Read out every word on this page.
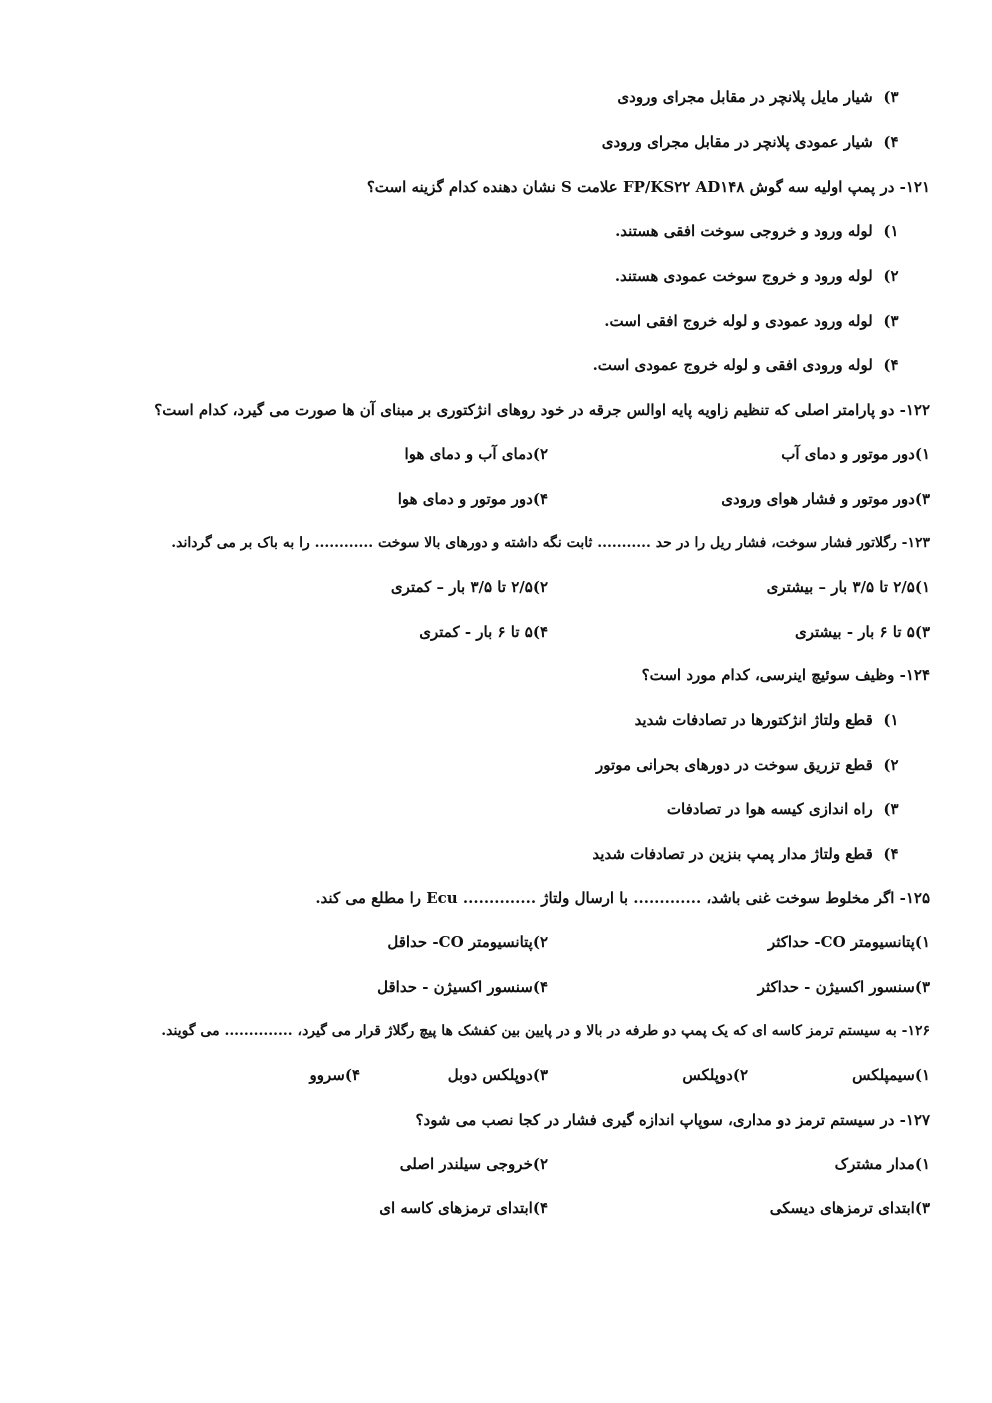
۳) شیار مایل پلانچر در مقابل مجرای ورودی
۴) شیار عمودی پلانچر در مقابل مجرای ورودی
۱۲۱- در پمپ اولیه سه گوش FP/KS۲۲ AD۱۴۸ علامت S نشان دهنده کدام گزینه است؟
۱) لوله ورود و خروجی سوخت افقی هستند.
۲) لوله ورود و خروج سوخت عمودی هستند.
۳) لوله ورود عمودی و لوله خروج افقی است.
۴) لوله ورودی افقی و لوله خروج عمودی است.
۱۲۲- دو پارامتر اصلی که تنظیم زاویه پایه اوالس جرقه در خود روهای انژکتوری بر مبنای آن ها صورت می گیرد، کدام است؟
۱)دور موتور و دمای آب
۲)دمای آب و دمای هوا
۳)دور موتور و فشار هوای ورودی
۴)دور موتور و دمای هوا
۱۲۳- رگلاتور فشار سوخت، فشار ریل را در حد ........... ثابت نگه داشته و دورهای بالا سوخت ............ را به باک بر می گرداند.
۱)۲/۵ تا ۳/۵ بار – بیشتری
۲)۲/۵ تا ۳/۵ بار – کمتری
۳)۵ تا ۶ بار - بیشتری
۴)۵ تا ۶ بار - کمتری
۱۲۴- وظیف سوئیچ اینرسی، کدام مورد است؟
۱) قطع ولتاژ انژکتورها در تصادفات شدید
۲) قطع تزریق سوخت در دورهای بحرانی موتور
۳) راه اندازی کیسه هوا در تصادفات
۴) قطع ولتاژ مدار پمپ بنزین در تصادفات شدید
۱۲۵- اگر مخلوط سوخت غنی باشد، ............. با ارسال ولتاژ .............. Ecu را مطلع می کند.
۱)پتانسیومتر CO- حداکثر
۲)پتانسیومتر CO- حداقل
۳)سنسور اکسیژن - حداکثر
۴)سنسور اکسیژن - حداقل
۱۲۶- به سیستم ترمز کاسه ای که یک پمپ دو طرفه در بالا و در پایین بین کفشک ها پیچ رگلاژ قرار می گیرد، .............. می گویند.
۱)سیمپلکس
۲)دوپلکس
۳)دوپلکس دوبل
۴)سروو
۱۲۷- در سیستم ترمز دو مداری، سوپاپ اندازه گیری فشار در کجا نصب می شود؟
۱)مدار مشترک
۲)خروجی سیلندر اصلی
۳)ابتدای ترمزهای دیسکی
۴)ابتدای ترمزهای کاسه ای
